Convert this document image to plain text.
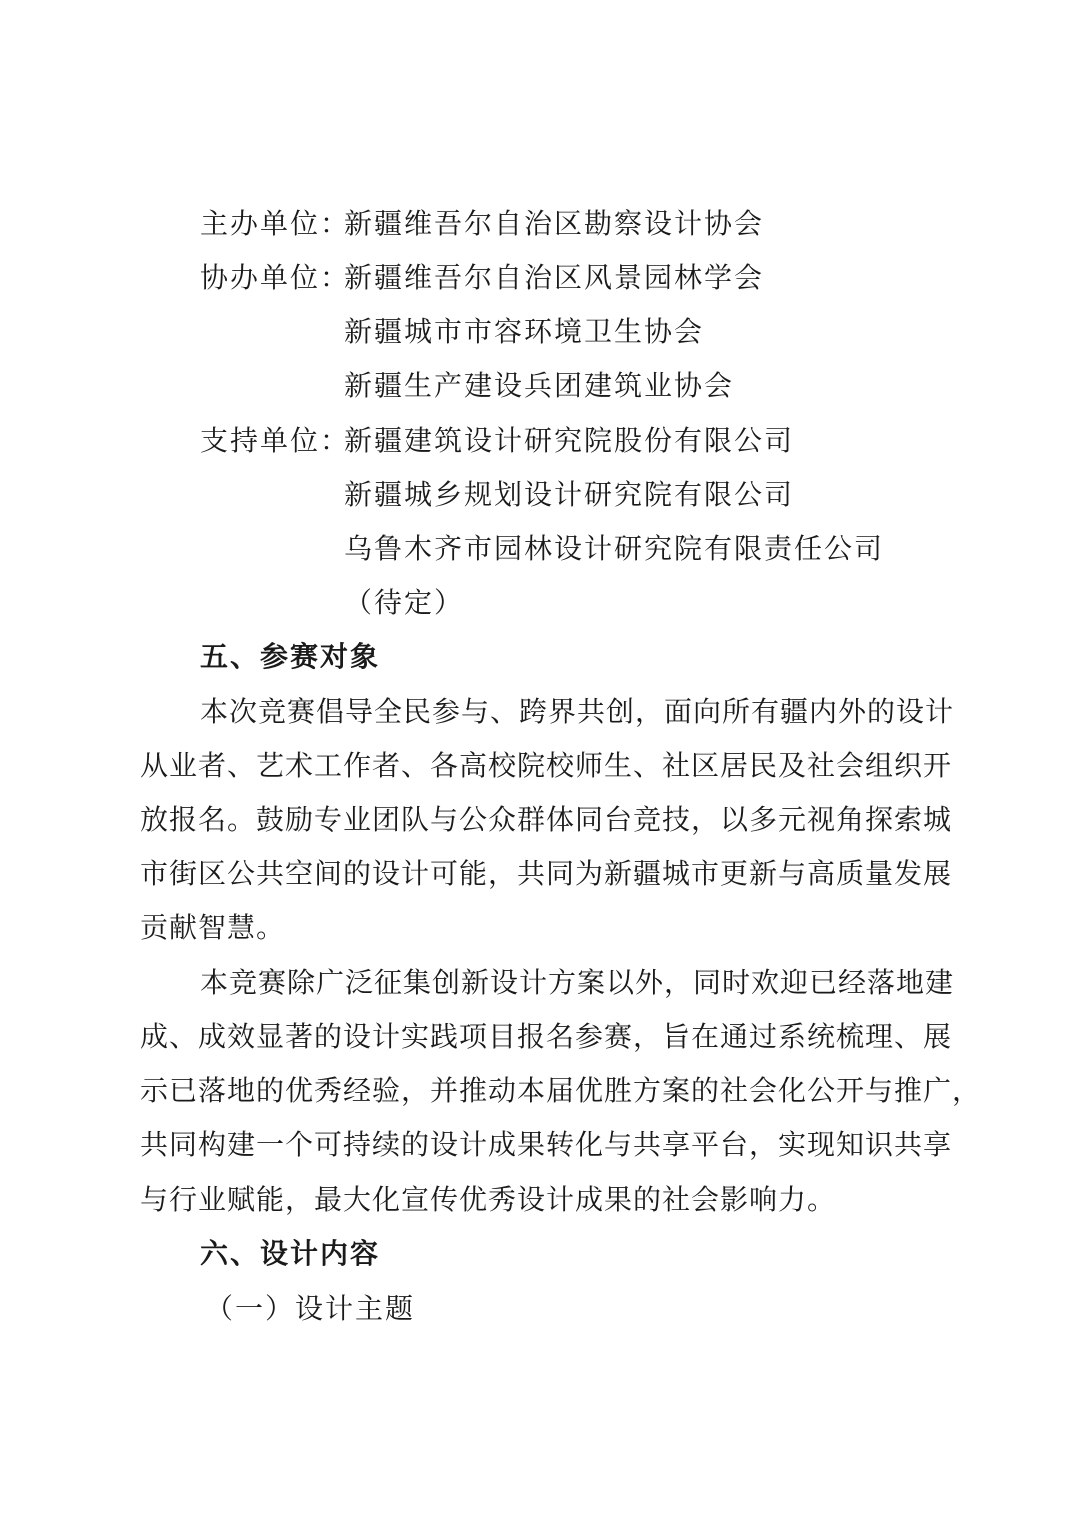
主办单位：
新疆维吾尔自治区勘察设计协会
协办单位：
新疆维吾尔自治区风景园林学会
新疆城市市容环境卫生协会
新疆生产建设兵团建筑业协会
支持单位：
新疆建筑设计研究院股份有限公司
新疆城乡规划设计研究院有限公司
乌鲁木齐市园林设计研究院有限责任公司
（待定）
五、参赛对象
本次竞赛倡导全民参与、跨界共创，面向所有疆内外的设计
从业者、艺术工作者、各高校院校师生、社区居民及社会组织开
放报名。鼓励专业团队与公众群体同台竞技，以多元视角探索城
市街区公共空间的设计可能，共同为新疆城市更新与高质量发展
贡献智慧。
本竞赛除广泛征集创新设计方案以外，同时欢迎已经落地建
成、成效显著的设计实践项目报名参赛，旨在通过系统梳理、展
示已落地的优秀经验，并推动本届优胜方案的社会化公开与推广，
共同构建一个可持续的设计成果转化与共享平台，实现知识共享
与行业赋能，最大化宣传优秀设计成果的社会影响力。
六、设计内容
（一）设计主题
